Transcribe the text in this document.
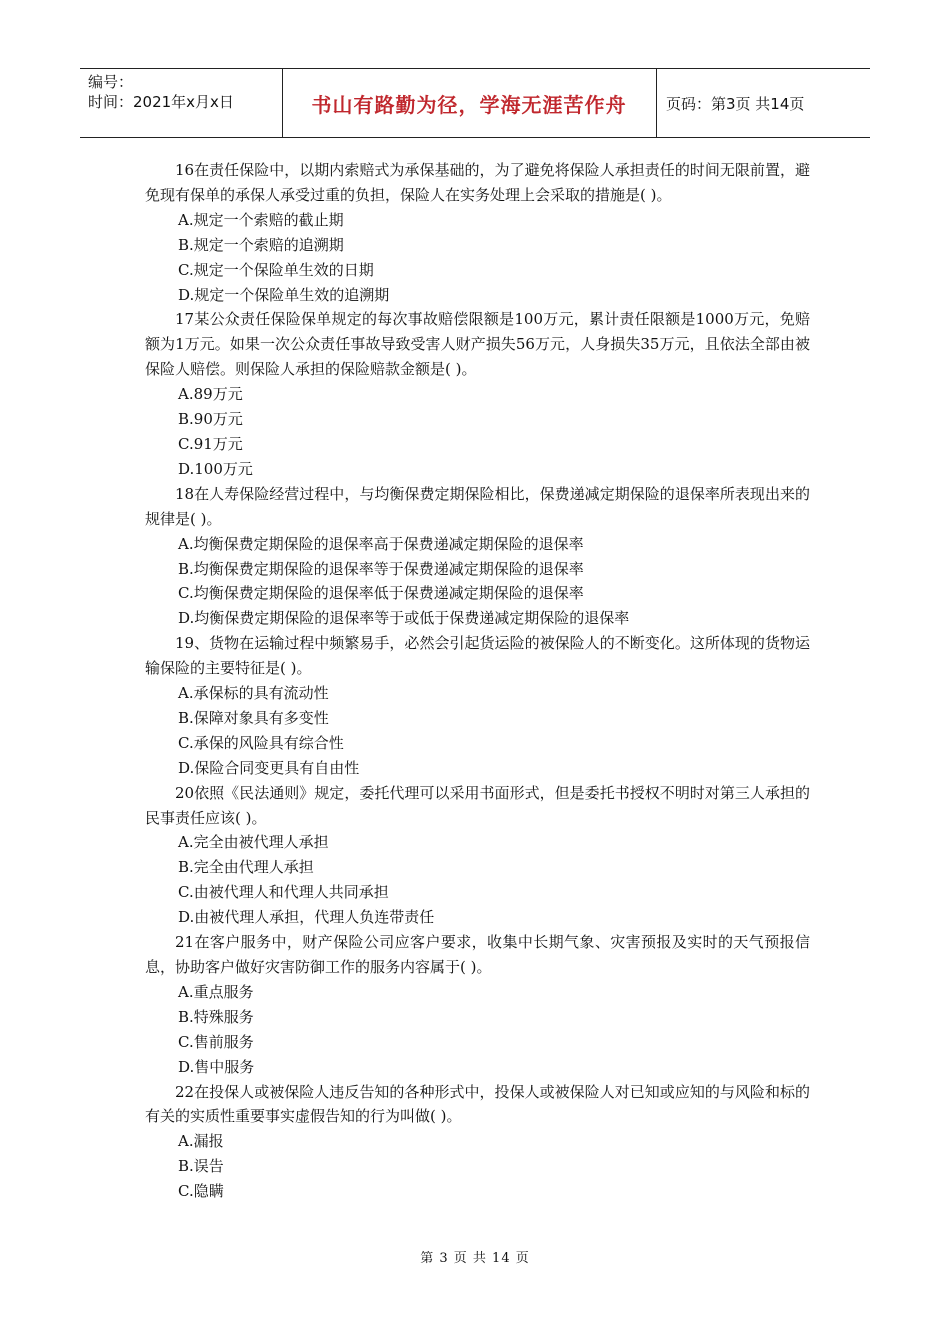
编号：
时间：2021年x月x日	书山有路勤为径，学海无涯苦作舟	页码：第3页 共14页

16在责任保险中，以期内索赔式为承保基础的，为了避免将保险人承担责任的时间无限前置，避免现有保单的承保人承受过重的负担，保险人在实务处理上会采取的措施是( )。

A.规定一个索赔的截止期

B.规定一个索赔的追溯期

C.规定一个保险单生效的日期

D.规定一个保险单生效的追溯期

17某公众责任保险保单规定的每次事故赔偿限额是100万元，累计责任限额是1000万元，免赔额为1万元。如果一次公众责任事故导致受害人财产损失56万元，人身损失35万元，且依法全部由被保险人赔偿。则保险人承担的保险赔款金额是( )。

A.89万元

B.90万元

C.91万元

D.100万元

18在人寿保险经营过程中，与均衡保费定期保险相比，保费递减定期保险的退保率所表现出来的规律是( )。

A.均衡保费定期保险的退保率高于保费递减定期保险的退保率

B.均衡保费定期保险的退保率等于保费递减定期保险的退保率

C.均衡保费定期保险的退保率低于保费递减定期保险的退保率

D.均衡保费定期保险的退保率等于或低于保费递减定期保险的退保率

19、货物在运输过程中频繁易手，必然会引起货运险的被保险人的不断变化。这所体现的货物运输保险的主要特征是( )。

A.承保标的具有流动性

B.保障对象具有多变性

C.承保的风险具有综合性

D.保险合同变更具有自由性

20依照《民法通则》规定，委托代理可以采用书面形式，但是委托书授权不明时对第三人承担的民事责任应该( )。

A.完全由被代理人承担

B.完全由代理人承担

C.由被代理人和代理人共同承担

D.由被代理人承担，代理人负连带责任

21在客户服务中，财产保险公司应客户要求，收集中长期气象、灾害预报及实时的天气预报信息，协助客户做好灾害防御工作的服务内容属于( )。

A.重点服务

B.特殊服务

C.售前服务

D.售中服务

22在投保人或被保险人违反告知的各种形式中，投保人或被保险人对已知或应知的与风险和标的有关的实质性重要事实虚假告知的行为叫做( )。

A.漏报

B.误告

C.隐瞒

第 3 页 共 14 页
